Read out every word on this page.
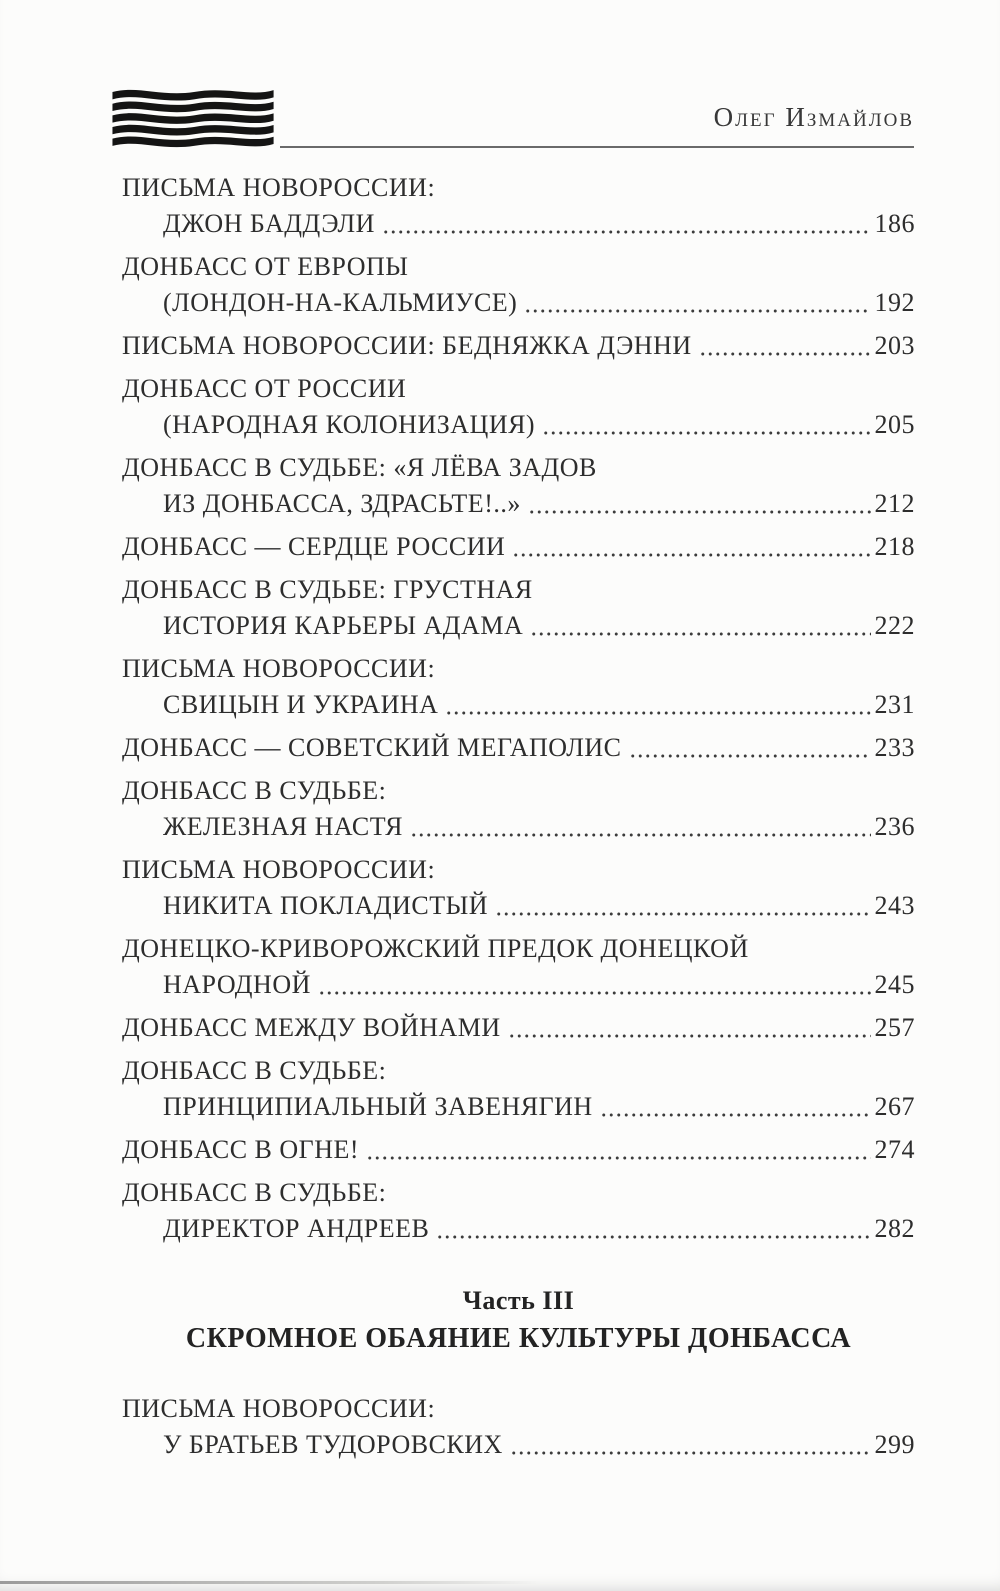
Олег Измайлов
ПИСЬМА НОВОРОССИИ:
ДЖОН БАДДЭЛИ	186
ДОНБАСС ОТ ЕВРОПЫ
(ЛОНДОН-НА-КАЛЬМИУСЕ)	192
ПИСЬМА НОВОРОССИИ: БЕДНЯЖКА ДЭННИ	203
ДОНБАСС ОТ РОССИИ
(НАРОДНАЯ КОЛОНИЗАЦИЯ)	205
ДОНБАСС В СУДЬБЕ: «Я ЛЁВА ЗАДОВ
ИЗ ДОНБАССА, ЗДРАСЬТЕ!..»	212
ДОНБАСС — СЕРДЦЕ РОССИИ	218
ДОНБАСС В СУДЬБЕ: ГРУСТНАЯ
ИСТОРИЯ КАРЬЕРЫ АДАМА	222
ПИСЬМА НОВОРОССИИ:
СВИЦЫН И УКРАИНА	231
ДОНБАСС — СОВЕТСКИЙ МЕГАПОЛИС	233
ДОНБАСС В СУДЬБЕ:
ЖЕЛЕЗНАЯ НАСТЯ	236
ПИСЬМА НОВОРОССИИ:
НИКИТА ПОКЛАДИСТЫЙ	243
ДОНЕЦКО-КРИВОРОЖСКИЙ ПРЕДОК ДОНЕЦКОЙ
НАРОДНОЙ	245
ДОНБАСС МЕЖДУ ВОЙНАМИ	257
ДОНБАСС В СУДЬБЕ:
ПРИНЦИПИАЛЬНЫЙ ЗАВЕНЯГИН	267
ДОНБАСС В ОГНЕ!	274
ДОНБАСС В СУДЬБЕ:
ДИРЕКТОР АНДРЕЕВ	282
Часть III
СКРОМНОЕ ОБАЯНИЕ КУЛЬТУРЫ ДОНБАССА
ПИСЬМА НОВОРОССИИ:
У БРАТЬЕВ ТУДОРОВСКИХ	299
